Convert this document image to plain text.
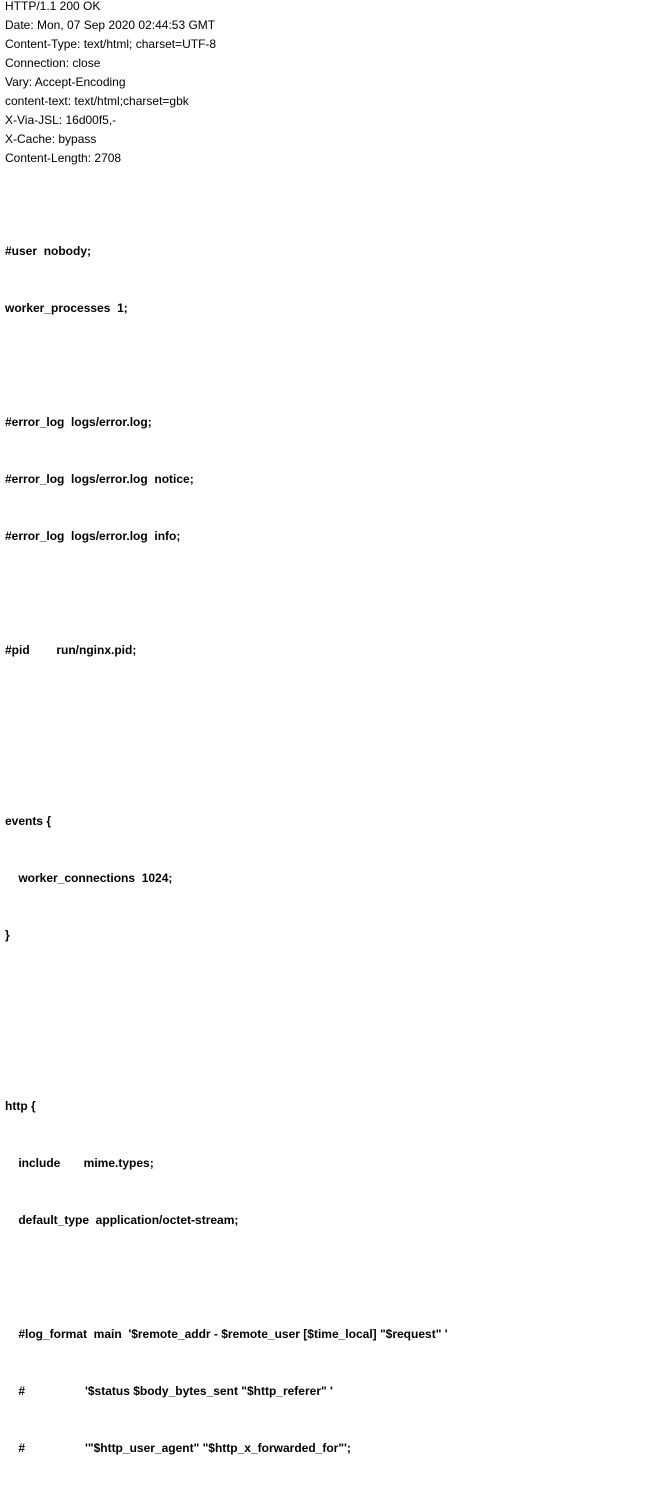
HTTP/1.1 200 OK
Date: Mon, 07 Sep 2020 02:44:53 GMT
Content-Type: text/html; charset=UTF-8
Connection: close
Vary: Accept-Encoding
content-text: text/html;charset=gbk
X-Via-JSL: 16d00f5,-
X-Cache: bypass
Content-Length: 2708

#user  nobody;

worker_processes  1;

#error_log  logs/error.log;

#error_log  logs/error.log  notice;

#error_log  logs/error.log  info;

#pid        run/nginx.pid;

events {

worker_connections  1024;

}

http {

include       mime.types;

default_type  application/octet-stream;

#log_format  main  '$remote_addr - $remote_user [$time_local] "$request" '

#                  '$status $body_bytes_sent "$http_referer" '

#                  '"$http_user_agent" "$http_x_forwarded_for"';
